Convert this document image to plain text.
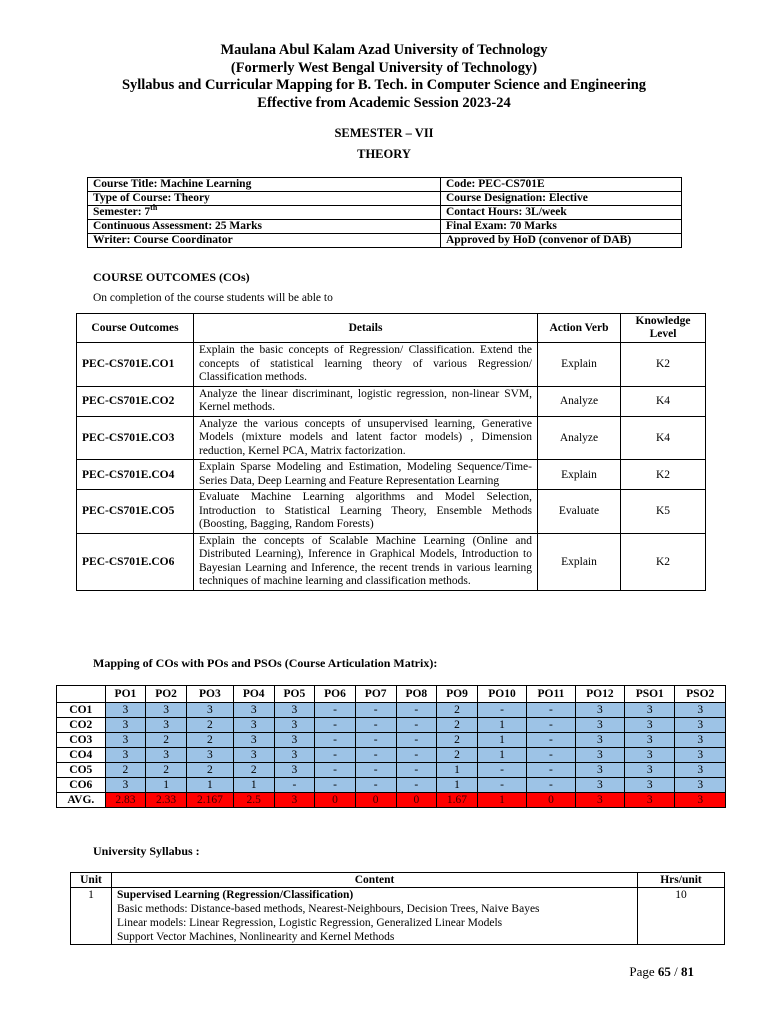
Maulana Abul Kalam Azad University of Technology
(Formerly West Bengal University of Technology)
Syllabus and Curricular Mapping for B. Tech. in Computer Science and Engineering
Effective from Academic Session 2023-24
SEMESTER – VII
THEORY
Course Title: Machine Learning	Code: PEC-CS701E
Type of Course: Theory	Course Designation: Elective
Semester: 7th	Contact Hours: 3L/week
Continuous Assessment: 25 Marks	Final Exam: 70 Marks
Writer: Course Coordinator	Approved by HoD (convenor of DAB)
COURSE OUTCOMES (COs)
On completion of the course students will be able to
Course Outcomes	Details	Action Verb	Knowledge Level
PEC-CS701E.CO1	Explain the basic concepts of Regression/ Classification. Extend the concepts of statistical learning theory of various Regression/ Classification methods.	Explain	K2
PEC-CS701E.CO2	Analyze the linear discriminant, logistic regression, non-linear SVM, Kernel methods.	Analyze	K4
PEC-CS701E.CO3	Analyze the various concepts of unsupervised learning, Generative Models (mixture models and latent factor models) , Dimension reduction, Kernel PCA, Matrix factorization.	Analyze	K4
PEC-CS701E.CO4	Explain Sparse Modeling and Estimation, Modeling Sequence/Time-Series Data, Deep Learning and Feature Representation Learning	Explain	K2
PEC-CS701E.CO5	Evaluate Machine Learning algorithms and Model Selection, Introduction to Statistical Learning Theory, Ensemble Methods (Boosting, Bagging, Random Forests)	Evaluate	K5
PEC-CS701E.CO6	Explain the concepts of Scalable Machine Learning (Online and Distributed Learning), Inference in Graphical Models, Introduction to Bayesian Learning and Inference, the recent trends in various learning techniques of machine learning and classification methods.	Explain	K2
Mapping of COs with POs and PSOs (Course Articulation Matrix):
	PO1	PO2	PO3	PO4	PO5	PO6	PO7	PO8	PO9	PO10	PO11	PO12	PSO1	PSO2
CO1	3	3	3	3	3	-	-	-	2	-	-	3	3	3
CO2	3	3	2	3	3	-	-	-	2	1	-	3	3	3
CO3	3	2	2	3	3	-	-	-	2	1	-	3	3	3
CO4	3	3	3	3	3	-	-	-	2	1	-	3	3	3
CO5	2	2	2	2	3	-	-	-	1	-	-	3	3	3
CO6	3	1	1	1	-	-	-	-	1	-	-	3	3	3
AVG.	2.83	2.33	2.167	2.5	3	0	0	0	1.67	1	0	3	3	3
University Syllabus :
Unit	Content	Hrs/unit
1	Supervised Learning (Regression/Classification)
Basic methods: Distance-based methods, Nearest-Neighbours, Decision Trees, Naive Bayes
Linear models: Linear Regression, Logistic Regression, Generalized Linear Models
Support Vector Machines, Nonlinearity and Kernel Methods	10
Page 65 / 81
